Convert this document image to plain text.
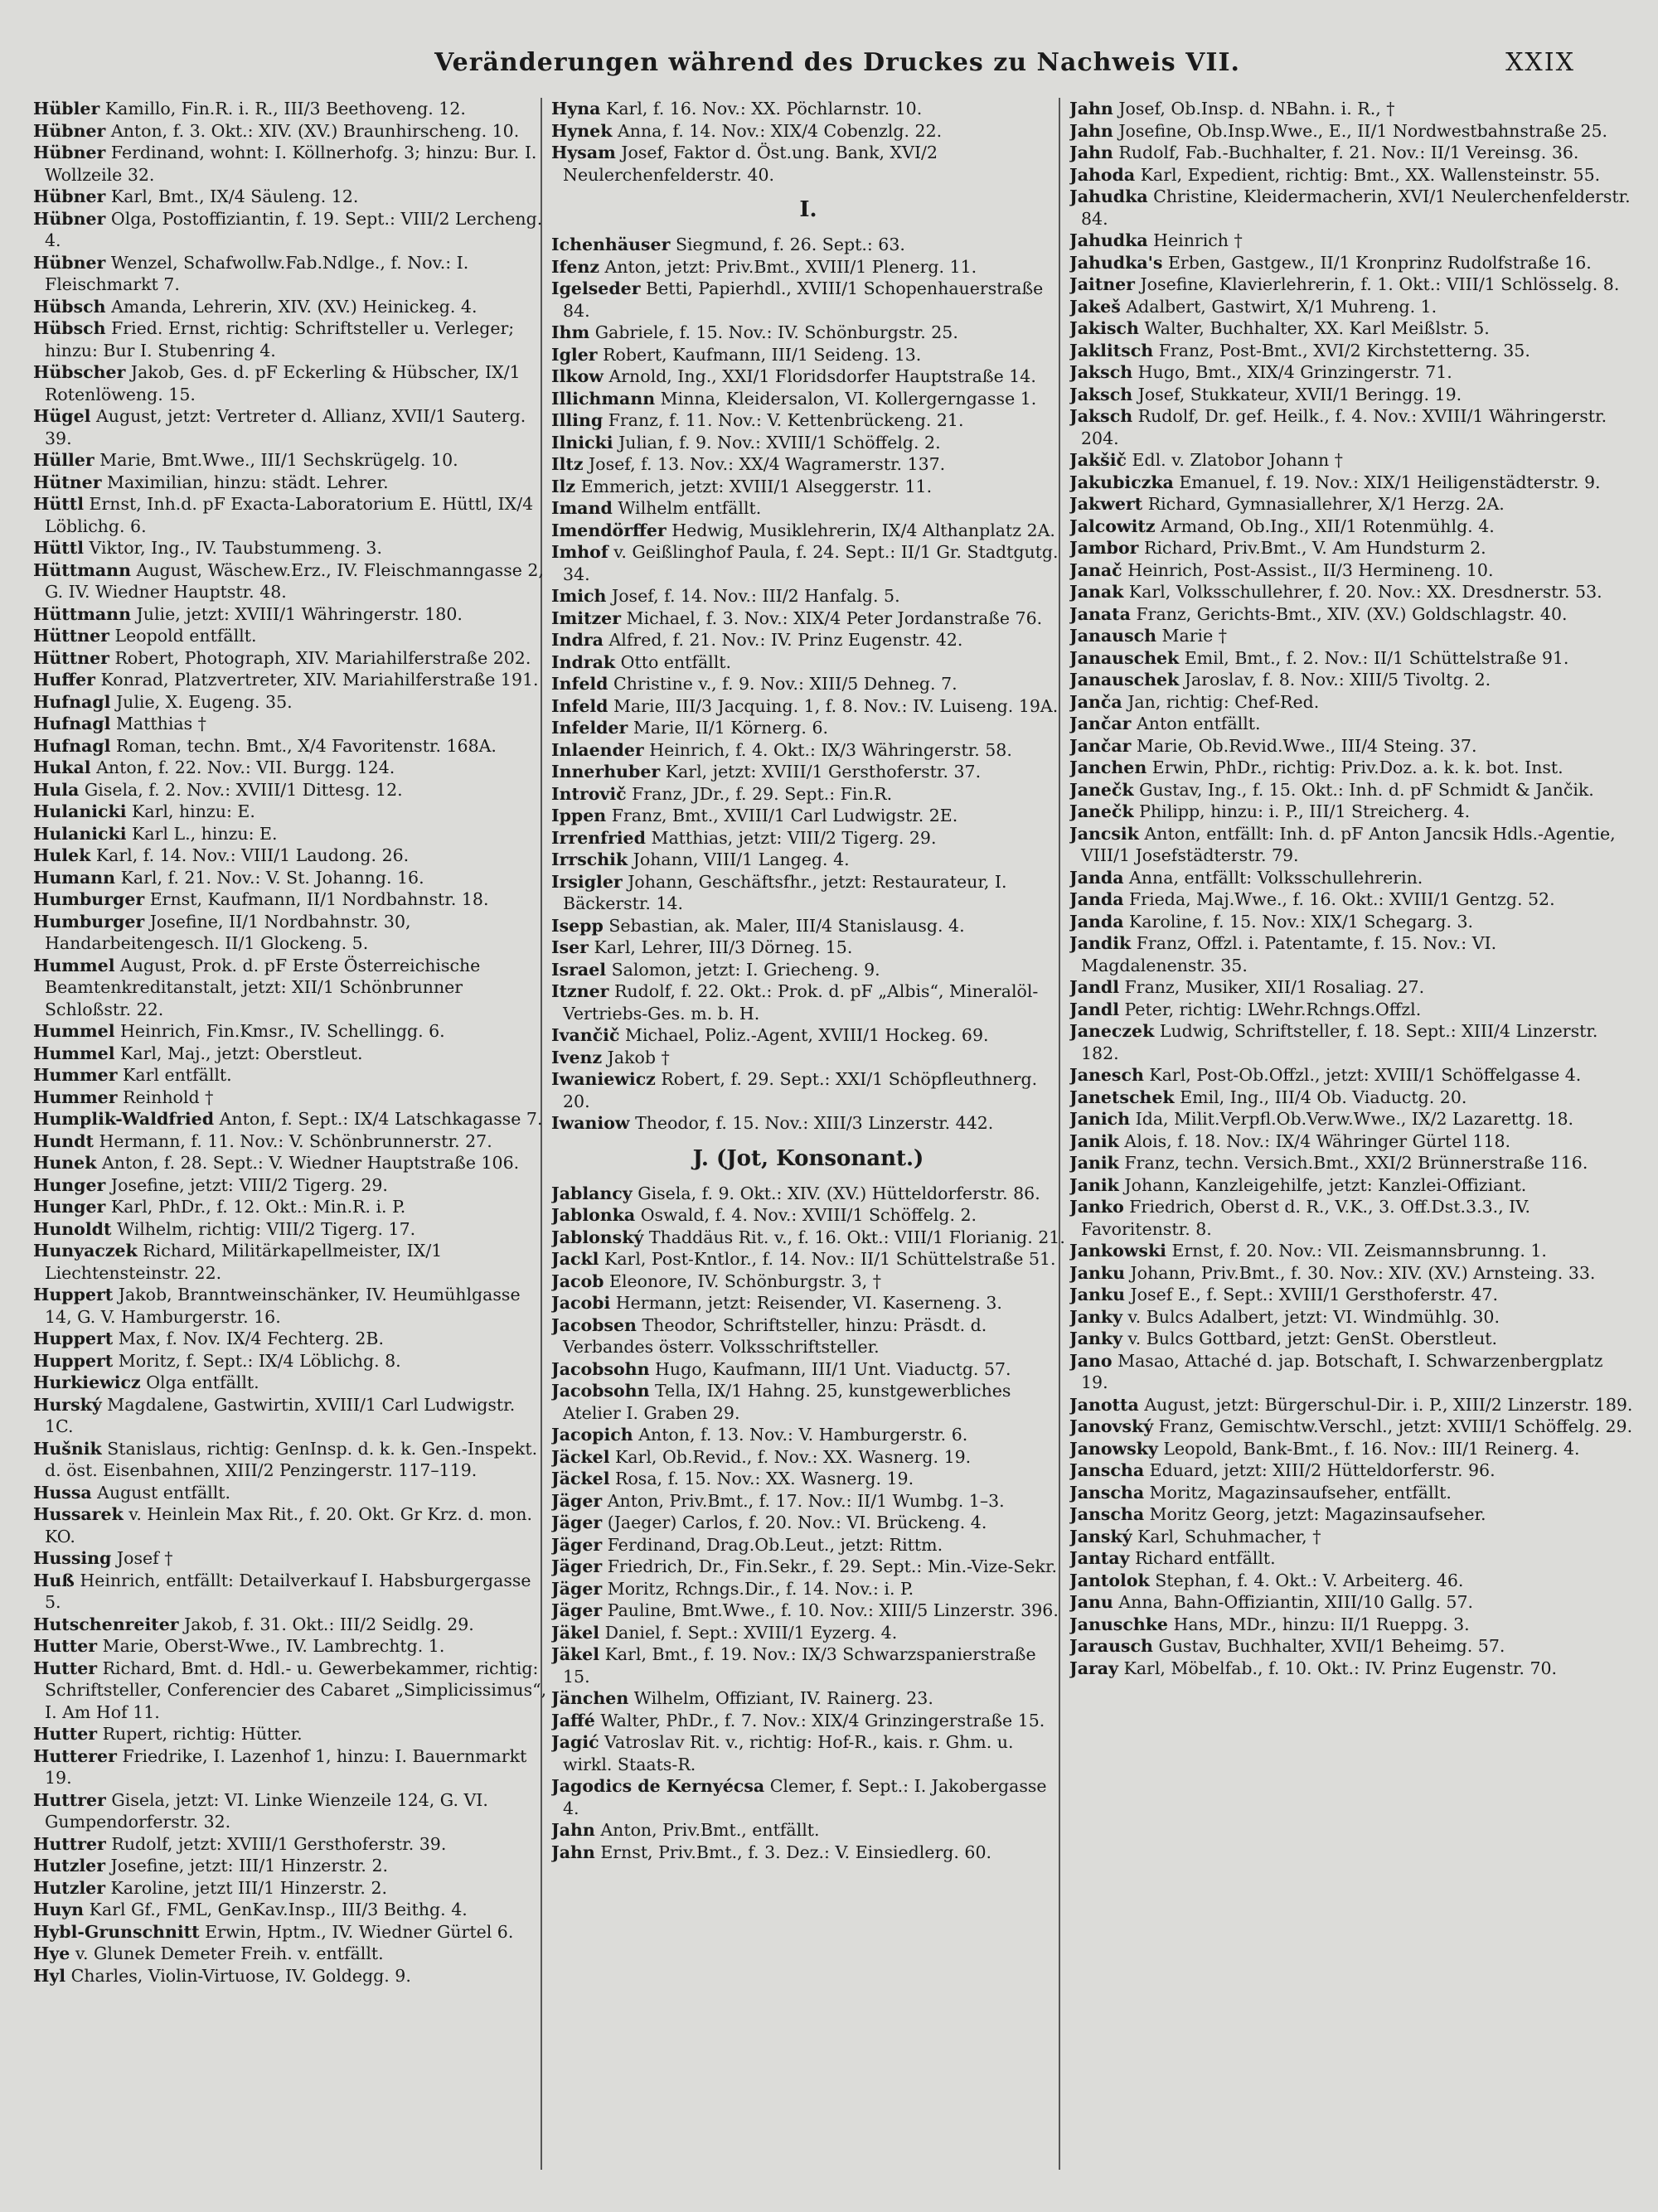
Veränderungen während des Druckes zu Nachweis VII.	XXIX
Hübler Kamillo, Fin.R. i. R., III/3 Beethoveng. 12.
Hübner Anton, f. 3. Okt.: XIV. (XV.) Braunhirscheng. 10.
Hübner Ferdinand, wohnt: I. Köllnerhofg. 3; hinzu: Bur. I. Wollzeile 32.
Hübner Karl, Bmt., IX/4 Säuleng. 12.
Hübner Olga, Postoffiziantin, f. 19. Sept.: VIII/2 Lercheng. 4.
Hübner Wenzel, Schafwollw.Fab.Ndlge., f. Nov.: I. Fleischmarkt 7.
Hübsch Amanda, Lehrerin, XIV. (XV.) Heinickeg. 4.
Hübsch Fried. Ernst, richtig: Schriftsteller u. Verleger; hinzu: Bur I. Stubenring 4.
Hübscher Jakob, Ges. d. pF Eckerling & Hübscher, IX/1 Rotenlöweng. 15.
Hügel August, jetzt: Vertreter d. Allianz, XVII/1 Sauterg. 39.
Hüller Marie, Bmt.Wwe., III/1 Sechskrügelg. 10.
Hütner Maximilian, hinzu: städt. Lehrer.
Hüttl Ernst, Inh.d. pF Exacta-Laboratorium E. Hüttl, IX/4 Löblichg. 6.
Hüttl Viktor, Ing., IV. Taubstummeng. 3.
Hüttmann August, Wäschew.Erz., IV. Fleischmanngasse 2, G. IV. Wiedner Hauptstr. 48.
Hüttmann Julie, jetzt: XVIII/1 Währingerstr. 180.
Hüttner Leopold entfällt.
Hüttner Robert, Photograph, XIV. Mariahilferstraße 202.
Huffer Konrad, Platzvertreter, XIV. Mariahilferstraße 191.
Hufnagl Julie, X. Eugeng. 35.
Hufnagl Matthias †
Hufnagl Roman, techn. Bmt., X/4 Favoritenstr. 168A.
Hukal Anton, f. 22. Nov.: VII. Burgg. 124.
Hula Gisela, f. 2. Nov.: XVIII/1 Dittesg. 12.
Hulanicki Karl, hinzu: E.
Hulanicki Karl L., hinzu: E.
Hulek Karl, f. 14. Nov.: VIII/1 Laudong. 26.
Humann Karl, f. 21. Nov.: V. St. Johanng. 16.
Humburger Ernst, Kaufmann, II/1 Nordbahnstr. 18.
Humburger Josefine, II/1 Nordbahnstr. 30, Handarbeitengesch. II/1 Glockeng. 5.
Hummel August, Prok. d. pF Erste Österreichische Beamtenkreditanstalt, jetzt: XII/1 Schönbrunner Schloßstr. 22.
Hummel Heinrich, Fin.Kmsr., IV. Schellingg. 6.
Hummel Karl, Maj., jetzt: Oberstleut.
Hummer Karl entfällt.
Hummer Reinhold †
Humplik-Waldfried Anton, f. Sept.: IX/4 Latschkagasse 7.
Hundt Hermann, f. 11. Nov.: V. Schönbrunnerstr. 27.
Hunek Anton, f. 28. Sept.: V. Wiedner Hauptstraße 106.
Hunger Josefine, jetzt: VIII/2 Tigerg. 29.
Hunger Karl, PhDr., f. 12. Okt.: Min.R. i. P.
Hunoldt Wilhelm, richtig: VIII/2 Tigerg. 17.
Hunyaczek Richard, Militärkapellmeister, IX/1 Liechtensteinstr. 22.
Huppert Jakob, Branntweinschänker, IV. Heumühlgasse 14, G. V. Hamburgerstr. 16.
Huppert Max, f. Nov. IX/4 Fechterg. 2B.
Huppert Moritz, f. Sept.: IX/4 Löblichg. 8.
Hurkiewicz Olga entfällt.
Hurský Magdalene, Gastwirtin, XVIII/1 Carl Ludwigstr. 1C.
Hušnik Stanislaus, richtig: GenInsp. d. k. k. Gen.-Inspekt. d. öst. Eisenbahnen, XIII/2 Penzingerstr. 117–119.
Hussa August entfällt.
Hussarek v. Heinlein Max Rit., f. 20. Okt. Gr Krz. d. mon. KO.
Hussing Josef †
Huß Heinrich, entfällt: Detailverkauf I. Habsburgergasse 5.
Hutschenreiter Jakob, f. 31. Okt.: III/2 Seidlg. 29.
Hutter Marie, Oberst-Wwe., IV. Lambrechtg. 1.
Hutter Richard, Bmt. d. Hdl.- u. Gewerbekammer, richtig: Schriftsteller, Conferencier des Cabaret „Simplicissimus“, I. Am Hof 11.
Hutter Rupert, richtig: Hütter.
Hutterer Friedrike, I. Lazenhof 1, hinzu: I. Bauernmarkt 19.
Huttrer Gisela, jetzt: VI. Linke Wienzeile 124, G. VI. Gumpendorferstr. 32.
Huttrer Rudolf, jetzt: XVIII/1 Gersthoferstr. 39.
Hutzler Josefine, jetzt: III/1 Hinzerstr. 2.
Hutzler Karoline, jetzt III/1 Hinzerstr. 2.
Huyn Karl Gf., FML, GenKav.Insp., III/3 Beithg. 4.
Hybl-Grunschnitt Erwin, Hptm., IV. Wiedner Gürtel 6.
Hye v. Glunek Demeter Freih. v. entfällt.
Hyl Charles, Violin-Virtuose, IV. Goldegg. 9.
Hyna Karl, f. 16. Nov.: XX. Pöchlarnstr. 10.
Hynek Anna, f. 14. Nov.: XIX/4 Cobenzlg. 22.
Hysam Josef, Faktor d. Öst.ung. Bank, XVI/2 Neulerchenfelderstr. 40.
I.
Ichenhäuser Siegmund, f. 26. Sept.: 63.
Ifenz Anton, jetzt: Priv.Bmt., XVIII/1 Plenerg. 11.
Igelseder Betti, Papierhdl., XVIII/1 Schopenhauerstraße 84.
Ihm Gabriele, f. 15. Nov.: IV. Schönburgstr. 25.
Igler Robert, Kaufmann, III/1 Seideng. 13.
Ilkow Arnold, Ing., XXI/1 Floridsdorfer Hauptstraße 14.
Illichmann Minna, Kleidersalon, VI. Kollergerngasse 1.
Illing Franz, f. 11. Nov.: V. Kettenbrückeng. 21.
Ilnicki Julian, f. 9. Nov.: XVIII/1 Schöffelg. 2.
Iltz Josef, f. 13. Nov.: XX/4 Wagramerstr. 137.
Ilz Emmerich, jetzt: XVIII/1 Alseggerstr. 11.
Imand Wilhelm entfällt.
Imendörffer Hedwig, Musiklehrerin, IX/4 Althanplatz 2A.
Imhof v. Geißlinghof Paula, f. 24. Sept.: II/1 Gr. Stadtgutg. 34.
Imich Josef, f. 14. Nov.: III/2 Hanfalg. 5.
Imitzer Michael, f. 3. Nov.: XIX/4 Peter Jordanstraße 76.
Indra Alfred, f. 21. Nov.: IV. Prinz Eugenstr. 42.
Indrak Otto entfällt.
Infeld Christine v., f. 9. Nov.: XIII/5 Dehneg. 7.
Infeld Marie, III/3 Jacquing. 1, f. 8. Nov.: IV. Luiseng. 19A.
Infelder Marie, II/1 Körnerg. 6.
Inlaender Heinrich, f. 4. Okt.: IX/3 Währingerstr. 58.
Innerhuber Karl, jetzt: XVIII/1 Gersthoferstr. 37.
Introvič Franz, JDr., f. 29. Sept.: Fin.R.
Ippen Franz, Bmt., XVIII/1 Carl Ludwigstr. 2E.
Irrenfried Matthias, jetzt: VIII/2 Tigerg. 29.
Irrschik Johann, VIII/1 Langeg. 4.
Irsigler Johann, Geschäftsfhr., jetzt: Restaurateur, I. Bäckerstr. 14.
Isepp Sebastian, ak. Maler, III/4 Stanislausg. 4.
Iser Karl, Lehrer, III/3 Dörneg. 15.
Israel Salomon, jetzt: I. Griecheng. 9.
Itzner Rudolf, f. 22. Okt.: Prok. d. pF „Albis“, Mineralöl-Vertriebs-Ges. m. b. H.
Ivančič Michael, Poliz.-Agent, XVIII/1 Hockeg. 69.
Ivenz Jakob †
Iwaniewicz Robert, f. 29. Sept.: XXI/1 Schöpfleuthnerg. 20.
Iwaniow Theodor, f. 15. Nov.: XIII/3 Linzerstr. 442.
J. (Jot, Konsonant.)
Jablancy Gisela, f. 9. Okt.: XIV. (XV.) Hütteldorferstr. 86.
Jablonka Oswald, f. 4. Nov.: XVIII/1 Schöffelg. 2.
Jablonský Thaddäus Rit. v., f. 16. Okt.: VIII/1 Florianig. 21.
Jackl Karl, Post-Kntlor., f. 14. Nov.: II/1 Schüttelstraße 51.
Jacob Eleonore, IV. Schönburgstr. 3, †
Jacobi Hermann, jetzt: Reisender, VI. Kaserneng. 3.
Jacobsen Theodor, Schriftsteller, hinzu: Präsdt. d. Verbandes österr. Volksschriftsteller.
Jacobsohn Hugo, Kaufmann, III/1 Unt. Viaductg. 57.
Jacobsohn Tella, IX/1 Hahng. 25, kunstgewerbliches Atelier I. Graben 29.
Jacopich Anton, f. 13. Nov.: V. Hamburgerstr. 6.
Jäckel Karl, Ob.Revid., f. Nov.: XX. Wasnerg. 19.
Jäckel Rosa, f. 15. Nov.: XX. Wasnerg. 19.
Jäger Anton, Priv.Bmt., f. 17. Nov.: II/1 Wumbg. 1–3.
Jäger (Jaeger) Carlos, f. 20. Nov.: VI. Brückeng. 4.
Jäger Ferdinand, Drag.Ob.Leut., jetzt: Rittm.
Jäger Friedrich, Dr., Fin.Sekr., f. 29. Sept.: Min.-Vize-Sekr.
Jäger Moritz, Rchngs.Dir., f. 14. Nov.: i. P.
Jäger Pauline, Bmt.Wwe., f. 10. Nov.: XIII/5 Linzerstr. 396.
Jäkel Daniel, f. Sept.: XVIII/1 Eyzerg. 4.
Jäkel Karl, Bmt., f. 19. Nov.: IX/3 Schwarzspanierstraße 15.
Jänchen Wilhelm, Offiziant, IV. Rainerg. 23.
Jaffé Walter, PhDr., f. 7. Nov.: XIX/4 Grinzingerstraße 15.
Jagić Vatroslav Rit. v., richtig: Hof-R., kais. r. Ghm. u. wirkl. Staats-R.
Jagodics de Kernyécsa Clemer, f. Sept.: I. Jakobergasse 4.
Jahn Anton, Priv.Bmt., entfällt.
Jahn Ernst, Priv.Bmt., f. 3. Dez.: V. Einsiedlerg. 60.
Jahn Josef, Ob.Insp. d. NBahn. i. R., †
Jahn Josefine, Ob.Insp.Wwe., E., II/1 Nordwestbahnstraße 25.
Jahn Rudolf, Fab.-Buchhalter, f. 21. Nov.: II/1 Vereinsg. 36.
Jahoda Karl, Expedient, richtig: Bmt., XX. Wallensteinstr. 55.
Jahudka Christine, Kleidermacherin, XVI/1 Neulerchenfelderstr. 84.
Jahudka Heinrich †
Jahudka's Erben, Gastgew., II/1 Kronprinz Rudolfstraße 16.
Jaitner Josefine, Klavierlehrerin, f. 1. Okt.: VIII/1 Schlösselg. 8.
Jakeš Adalbert, Gastwirt, X/1 Muhreng. 1.
Jakisch Walter, Buchhalter, XX. Karl Meißlstr. 5.
Jaklitsch Franz, Post-Bmt., XVI/2 Kirchstetterng. 35.
Jaksch Hugo, Bmt., XIX/4 Grinzingerstr. 71.
Jaksch Josef, Stukkateur, XVII/1 Beringg. 19.
Jaksch Rudolf, Dr. gef. Heilk., f. 4. Nov.: XVIII/1 Währingerstr. 204.
Jakšič Edl. v. Zlatobor Johann †
Jakubiczka Emanuel, f. 19. Nov.: XIX/1 Heiligenstädterstr. 9.
Jakwert Richard, Gymnasiallehrer, X/1 Herzg. 2A.
Jalcowitz Armand, Ob.Ing., XII/1 Rotenmühlg. 4.
Jambor Richard, Priv.Bmt., V. Am Hundsturm 2.
Janač Heinrich, Post-Assist., II/3 Hermineng. 10.
Janak Karl, Volksschullehrer, f. 20. Nov.: XX. Dresdnerstr. 53.
Janata Franz, Gerichts-Bmt., XIV. (XV.) Goldschlagstr. 40.
Janausch Marie †
Janauschek Emil, Bmt., f. 2. Nov.: II/1 Schüttelstraße 91.
Janauschek Jaroslav, f. 8. Nov.: XIII/5 Tivoltg. 2.
Janča Jan, richtig: Chef-Red.
Jančar Anton entfällt.
Jančar Marie, Ob.Revid.Wwe., III/4 Steing. 37.
Janchen Erwin, PhDr., richtig: Priv.Doz. a. k. k. bot. Inst.
Janečk Gustav, Ing., f. 15. Okt.: Inh. d. pF Schmidt & Jančik.
Janečk Philipp, hinzu: i. P., III/1 Streicherg. 4.
Jancsik Anton, entfällt: Inh. d. pF Anton Jancsik Hdls.-Agentie, VIII/1 Josefstädterstr. 79.
Janda Anna, entfällt: Volksschullehrerin.
Janda Frieda, Maj.Wwe., f. 16. Okt.: XVIII/1 Gentzg. 52.
Janda Karoline, f. 15. Nov.: XIX/1 Schegarg. 3.
Jandik Franz, Offzl. i. Patentamte, f. 15. Nov.: VI. Magdalenenstr. 35.
Jandl Franz, Musiker, XII/1 Rosaliag. 27.
Jandl Peter, richtig: LWehr.Rchngs.Offzl.
Janeczek Ludwig, Schriftsteller, f. 18. Sept.: XIII/4 Linzerstr. 182.
Janesch Karl, Post-Ob.Offzl., jetzt: XVIII/1 Schöffelgasse 4.
Janetschek Emil, Ing., III/4 Ob. Viaductg. 20.
Janich Ida, Milit.Verpfl.Ob.Verw.Wwe., IX/2 Lazarettg. 18.
Janik Alois, f. 18. Nov.: IX/4 Währinger Gürtel 118.
Janik Franz, techn. Versich.Bmt., XXI/2 Brünnerstraße 116.
Janik Johann, Kanzleigehilfe, jetzt: Kanzlei-Offiziant.
Janko Friedrich, Oberst d. R., V.K., 3. Off.Dst.3.3., IV. Favoritenstr. 8.
Jankowski Ernst, f. 20. Nov.: VII. Zeismannsbrunng. 1.
Janku Johann, Priv.Bmt., f. 30. Nov.: XIV. (XV.) Arnsteing. 33.
Janku Josef E., f. Sept.: XVIII/1 Gersthoferstr. 47.
Janky v. Bulcs Adalbert, jetzt: VI. Windmühlg. 30.
Janky v. Bulcs Gottbard, jetzt: GenSt. Oberstleut.
Jano Masao, Attaché d. jap. Botschaft, I. Schwarzenbergplatz 19.
Janotta August, jetzt: Bürgerschul-Dir. i. P., XIII/2 Linzerstr. 189.
Janovský Franz, Gemischtw.Verschl., jetzt: XVIII/1 Schöffelg. 29.
Janowsky Leopold, Bank-Bmt., f. 16. Nov.: III/1 Reinerg. 4.
Janscha Eduard, jetzt: XIII/2 Hütteldorferstr. 96.
Janscha Moritz, Magazinsaufseher, entfällt.
Janscha Moritz Georg, jetzt: Magazinsaufseher.
Janský Karl, Schuhmacher, †
Jantay Richard entfällt.
Jantolok Stephan, f. 4. Okt.: V. Arbeiterg. 46.
Janu Anna, Bahn-Offiziantin, XIII/10 Gallg. 57.
Januschke Hans, MDr., hinzu: II/1 Rueppg. 3.
Jarausch Gustav, Buchhalter, XVII/1 Beheimg. 57.
Jaray Karl, Möbelfab., f. 10. Okt.: IV. Prinz Eugenstr. 70.
